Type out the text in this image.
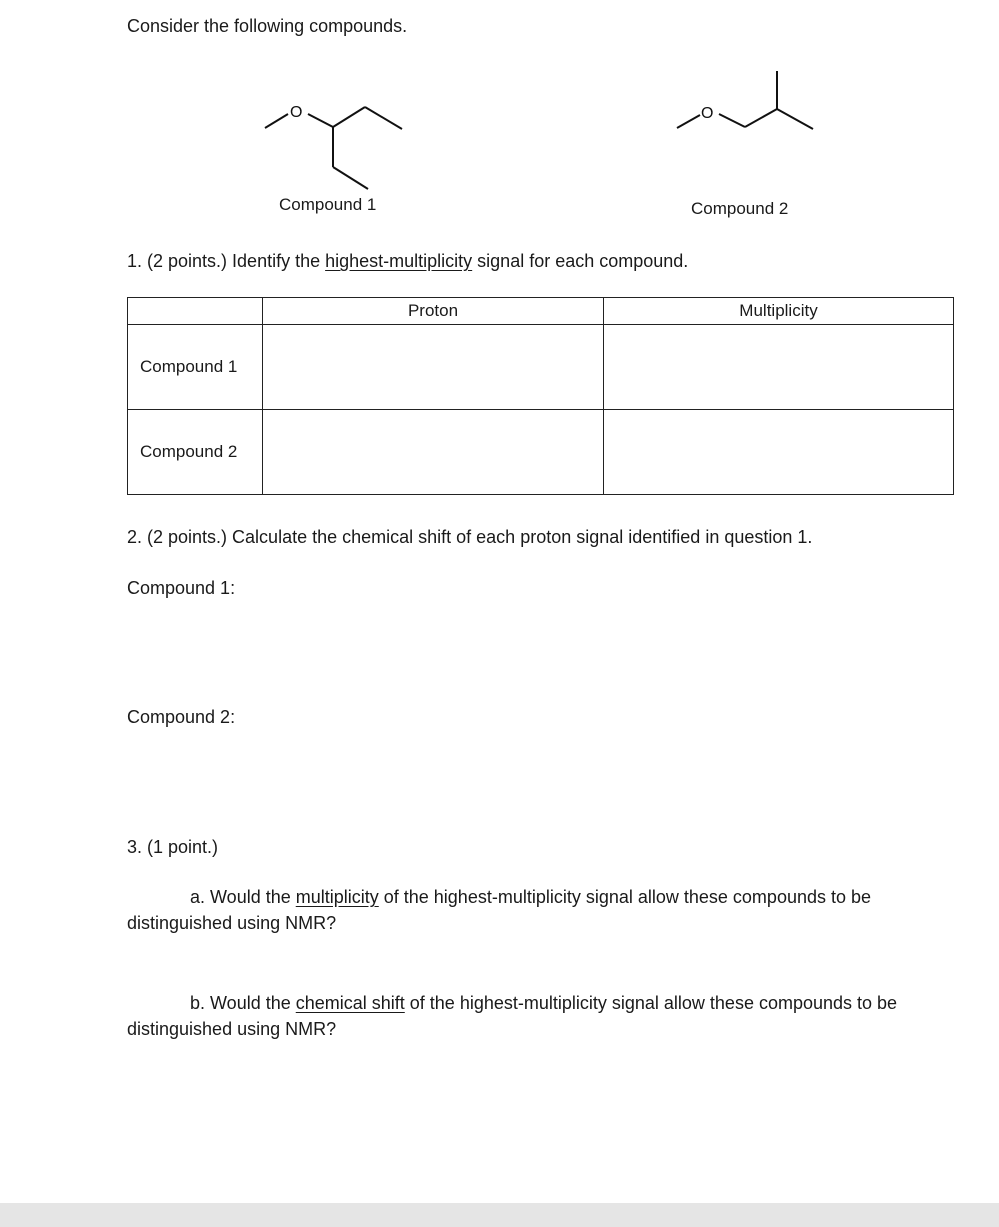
Consider the following compounds.
O
Compound 1
O
Compound 2
1. (2 points.) Identify the highest-multiplicity signal for each compound.
	Proton	Multiplicity
Compound 1		
Compound 2		
2. (2 points.) Calculate the chemical shift of each proton signal identified in question 1.
Compound 1:
Compound 2:
3. (1 point.)
a. Would the multiplicity of the highest-multiplicity signal allow these compounds to be distinguished using NMR?
b. Would the chemical shift of the highest-multiplicity signal allow these compounds to be distinguished using NMR?
